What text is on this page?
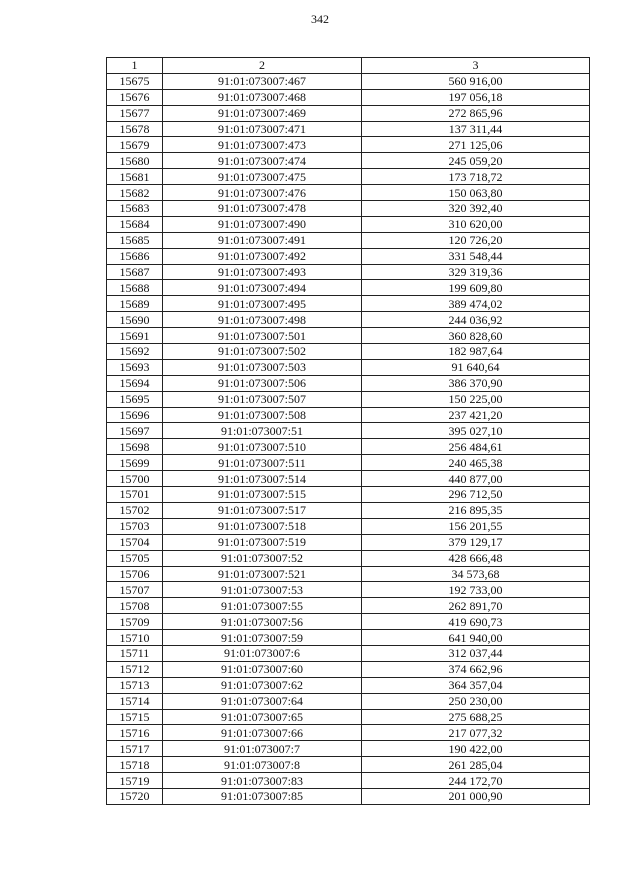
342
1	2	3
15675	91:01:073007:467	560 916,00
15676	91:01:073007:468	197 056,18
15677	91:01:073007:469	272 865,96
15678	91:01:073007:471	137 311,44
15679	91:01:073007:473	271 125,06
15680	91:01:073007:474	245 059,20
15681	91:01:073007:475	173 718,72
15682	91:01:073007:476	150 063,80
15683	91:01:073007:478	320 392,40
15684	91:01:073007:490	310 620,00
15685	91:01:073007:491	120 726,20
15686	91:01:073007:492	331 548,44
15687	91:01:073007:493	329 319,36
15688	91:01:073007:494	199 609,80
15689	91:01:073007:495	389 474,02
15690	91:01:073007:498	244 036,92
15691	91:01:073007:501	360 828,60
15692	91:01:073007:502	182 987,64
15693	91:01:073007:503	91 640,64
15694	91:01:073007:506	386 370,90
15695	91:01:073007:507	150 225,00
15696	91:01:073007:508	237 421,20
15697	91:01:073007:51	395 027,10
15698	91:01:073007:510	256 484,61
15699	91:01:073007:511	240 465,38
15700	91:01:073007:514	440 877,00
15701	91:01:073007:515	296 712,50
15702	91:01:073007:517	216 895,35
15703	91:01:073007:518	156 201,55
15704	91:01:073007:519	379 129,17
15705	91:01:073007:52	428 666,48
15706	91:01:073007:521	34 573,68
15707	91:01:073007:53	192 733,00
15708	91:01:073007:55	262 891,70
15709	91:01:073007:56	419 690,73
15710	91:01:073007:59	641 940,00
15711	91:01:073007:6	312 037,44
15712	91:01:073007:60	374 662,96
15713	91:01:073007:62	364 357,04
15714	91:01:073007:64	250 230,00
15715	91:01:073007:65	275 688,25
15716	91:01:073007:66	217 077,32
15717	91:01:073007:7	190 422,00
15718	91:01:073007:8	261 285,04
15719	91:01:073007:83	244 172,70
15720	91:01:073007:85	201 000,90
